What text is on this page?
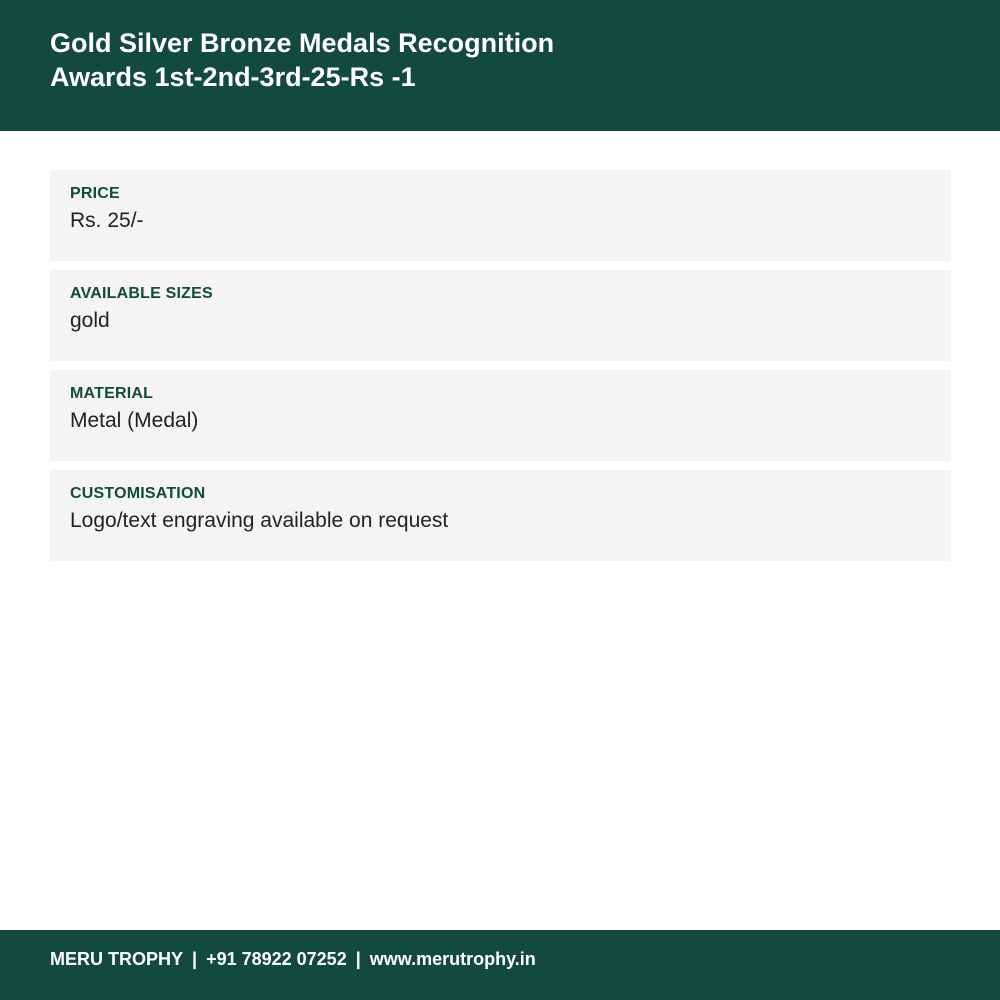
Gold Silver Bronze Medals Recognition Awards 1st-2nd-3rd-25-Rs -1
PRICE
Rs. 25/-
AVAILABLE SIZES
gold
MATERIAL
Metal (Medal)
CUSTOMISATION
Logo/text engraving available on request
MERU TROPHY | +91 78922 07252 | www.merutrophy.in
